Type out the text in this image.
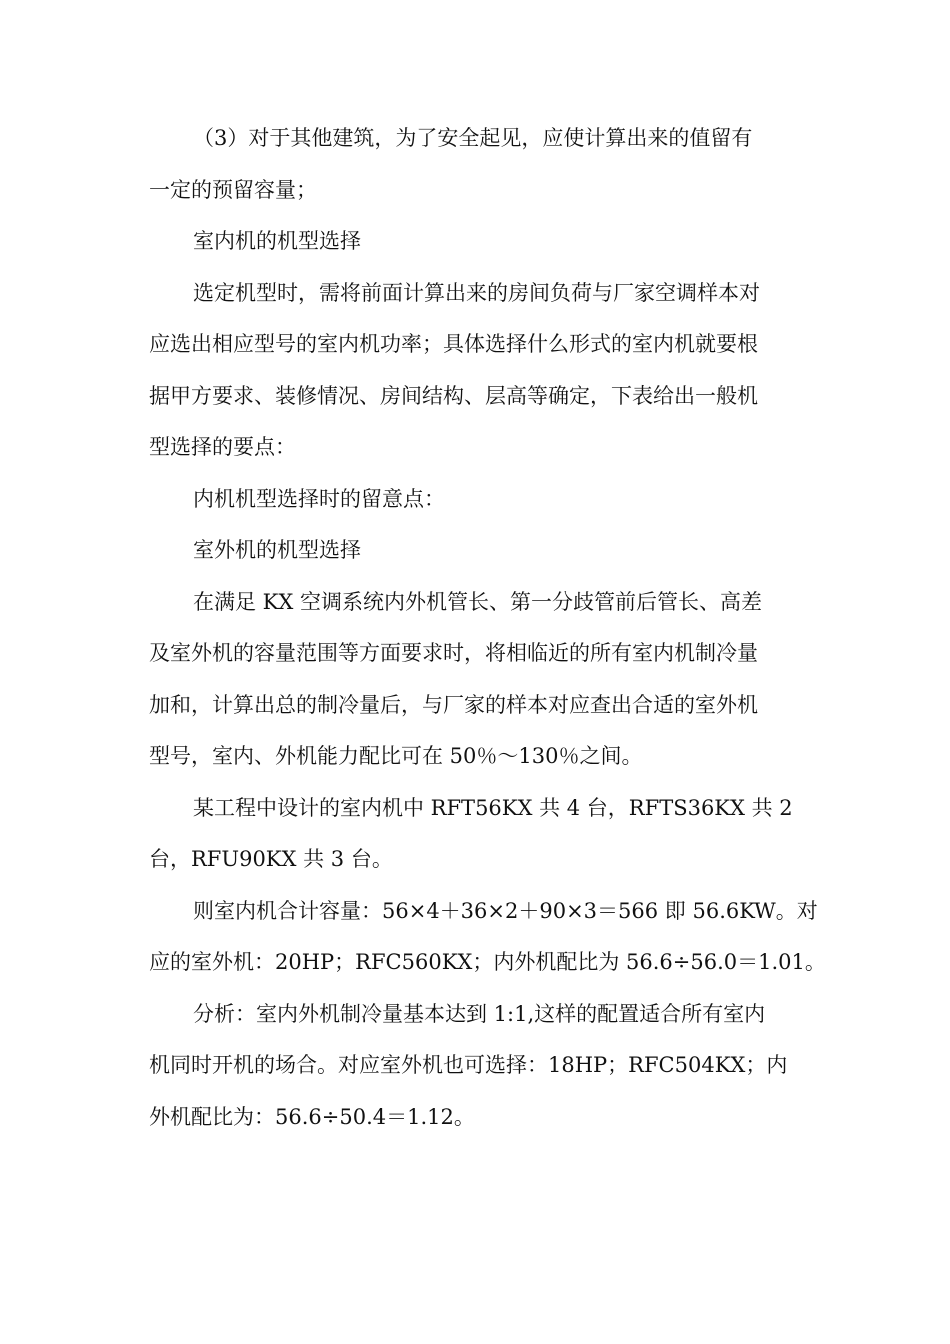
（3）对于其他建筑，为了安全起见，应使计算出来的值留有
一定的预留容量；
室内机的机型选择
选定机型时，需将前面计算出来的房间负荷与厂家空调样本对
应选出相应型号的室内机功率；具体选择什么形式的室内机就要根
据甲方要求、装修情况、房间结构、层高等确定，下表给出一般机
型选择的要点：
内机机型选择时的留意点：
室外机的机型选择
在满足 KX 空调系统内外机管长、第一分歧管前后管长、高差
及室外机的容量范围等方面要求时，将相临近的所有室内机制冷量
加和，计算出总的制冷量后，与厂家的样本对应查出合适的室外机
型号，室内、外机能力配比可在 50％～130％之间。
某工程中设计的室内机中 RFT56KX 共 4 台，RFTS36KX 共 2
台，RFU90KX 共 3 台。
则室内机合计容量：56×4＋36×2＋90×3＝566 即 56.6KW。对
应的室外机：20HP；RFC560KX；内外机配比为 56.6÷56.0＝1.01。
分析：室内外机制冷量基本达到 1:1,这样的配置适合所有室内
机同时开机的场合。对应室外机也可选择：18HP；RFC504KX；内
外机配比为：56.6÷50.4＝1.12。
